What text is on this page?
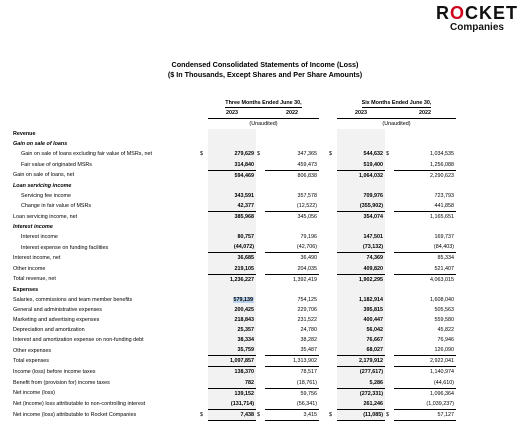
ROCKET
Companies
Condensed Consolidated Statements of Income (Loss)
($ In Thousands, Except Shares and Per Share Amounts)
		Three Months Ended June 30,					Six Months Ended June 30,		
		2023		2022			2023		2022
		(Unaudited)					(Unaudited)		
Revenue									
Gain on sale of loans									
Gain on sale of loans excluding fair value of MSRs, net	$	279,629	$	347,365		$	544,632	$	1,034,535
Fair value of originated MSRs		314,840		459,473			519,400		1,256,088
Gain on sale of loans, net		594,469		806,838			1,064,032		2,290,623
Loan servicing income									
Servicing fee income		343,591		357,578			709,976		723,793
Change in fair value of MSRs		42,377		(12,522)			(355,902)		441,858
Loan servicing income, net		385,968		345,056			354,074		1,165,651
Interest income									
Interest income		80,757		79,196			147,501		169,737
Interest expense on funding facilities		(44,072)		(42,706)			(73,132)		(84,403)
Interest income, net		36,685		36,490			74,369		85,334
Other income		219,105		204,035			409,820		521,407
Total revenue, net		1,236,227		1,392,419			1,902,295		4,063,015
Expenses									
Salaries, commissions and team member benefits		579,139		754,125			1,182,914		1,608,040
General and administrative expenses		200,425		229,706			395,815		505,563
Marketing and advertising expenses		218,843		231,522			400,447		559,580
Depreciation and amortization		25,357		24,780			56,042		45,822
Interest and amortization expense on non-funding debt		38,334		38,282			76,667		76,946
Other expenses		35,759		35,487			68,027		126,090
Total expenses		1,097,857		1,313,902			2,179,912		2,922,041
Income (loss) before income taxes		138,370		78,517			(277,617)		1,140,974
Benefit from (provision for) income taxes		782		(18,761)			5,286		(44,610)
Net income (loss)		139,152		59,756			(272,331)		1,096,364
Net (income) loss attributable to non-controlling interest		(131,714)		(56,341)			261,246		(1,039,237)
Net income (loss) attributable to Rocket Companies	$	7,438	$	3,415		$	(11,085)	$	57,127
